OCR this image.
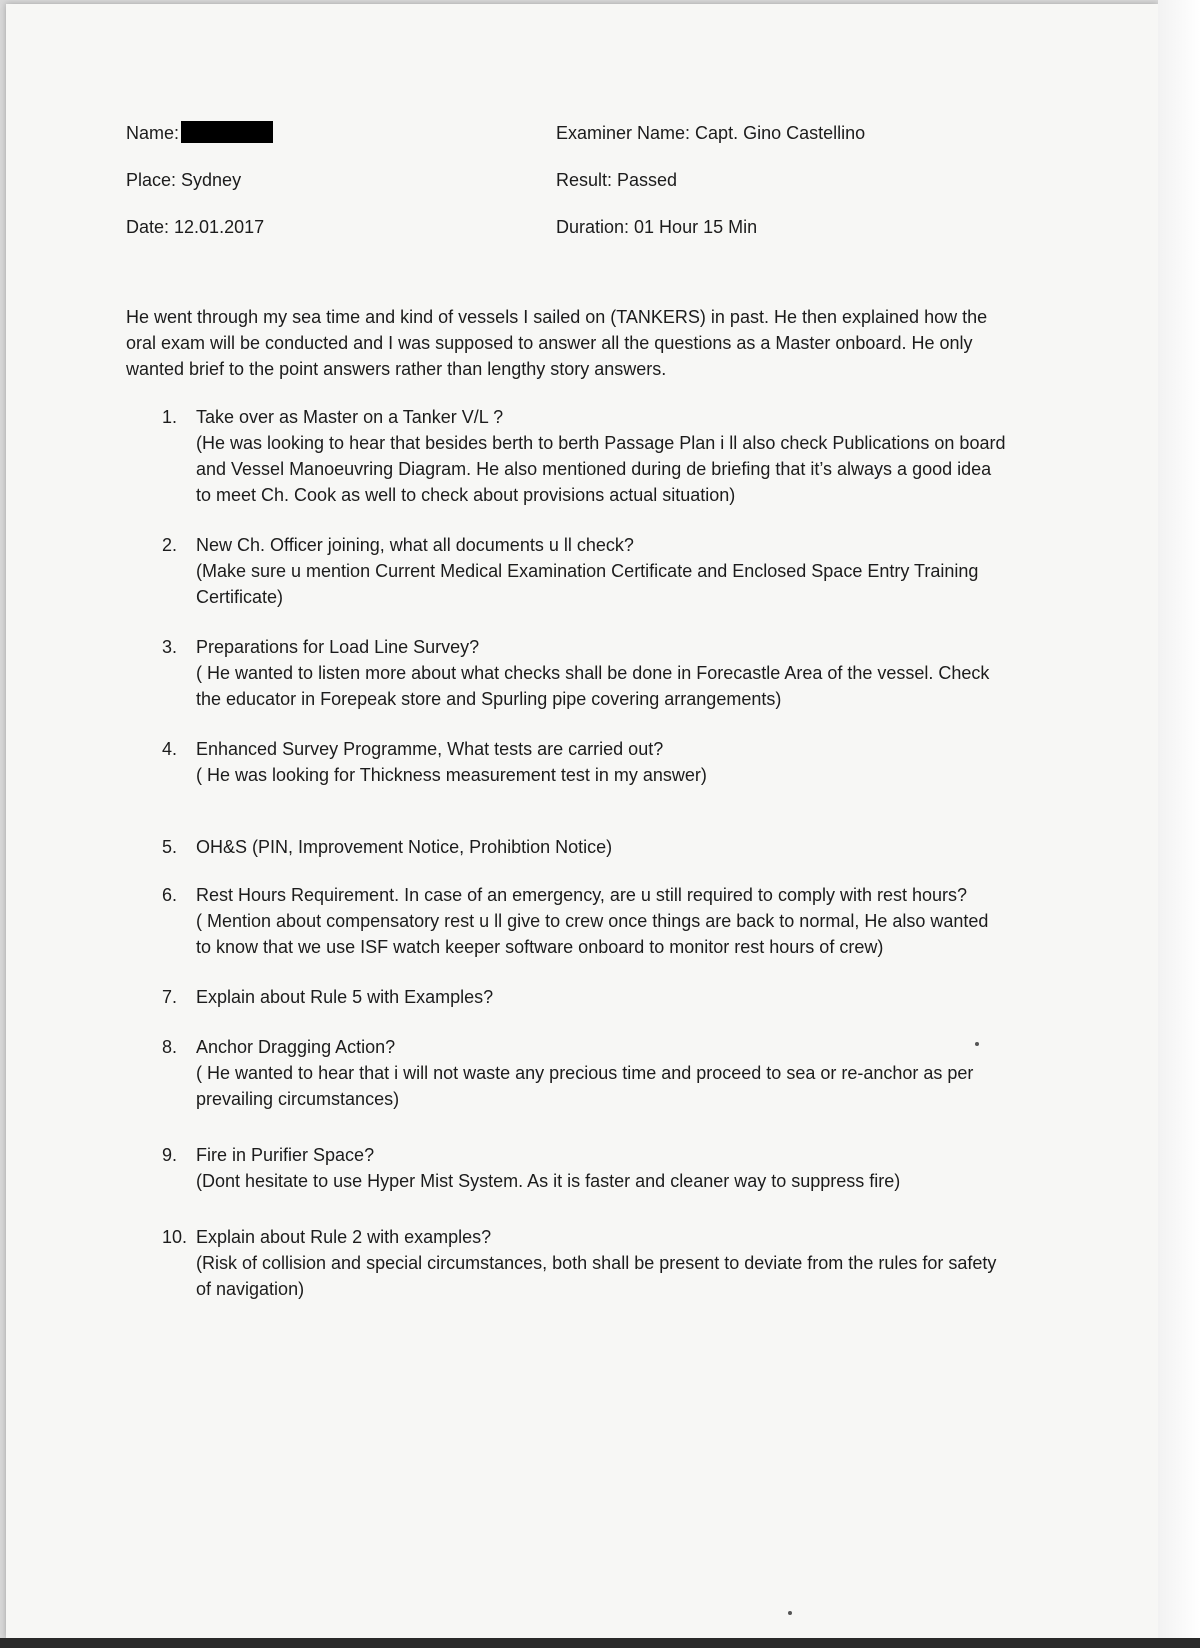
Name:	Examiner Name: Capt. Gino Castellino
Place: Sydney	Result: Passed
Date: 12.01.2017	Duration: 01 Hour 15 Min

He went through my sea time and kind of vessels I sailed on (TANKERS) in past. He then explained how the oral exam will be conducted and I was supposed to answer all the questions as a Master onboard. He only wanted brief to the point answers rather than lengthy story answers.

1. Take over as Master on a Tanker V/L ?
(He was looking to hear that besides berth to berth Passage Plan i ll also check Publications on board and Vessel Manoeuvring Diagram. He also mentioned during de briefing that it’s always a good idea to meet Ch. Cook as well to check about provisions actual situation)
2. New Ch. Officer joining, what all documents u ll check?
(Make sure u mention Current Medical Examination Certificate and Enclosed Space Entry Training Certificate)
3. Preparations for Load Line Survey?
( He wanted to listen more about what checks shall be done in Forecastle Area of the vessel. Check the educator in Forepeak store and Spurling pipe covering arrangements)
4. Enhanced Survey Programme, What tests are carried out?
( He was looking for Thickness measurement test in my answer)
5. OH&S (PIN, Improvement Notice, Prohibtion Notice)
6. Rest Hours Requirement. In case of an emergency, are u still required to comply with rest hours?
( Mention about compensatory rest u ll give to crew once things are back to normal, He also wanted to know that we use ISF watch keeper software onboard to monitor rest hours of crew)
7. Explain about Rule 5 with Examples?
8. Anchor Dragging Action?
( He wanted to hear that i will not waste any precious time and proceed to sea or re-anchor as per prevailing circumstances)
9. Fire in Purifier Space?
(Dont hesitate to use Hyper Mist System. As it is faster and cleaner way to suppress fire)
10. Explain about Rule 2 with examples?
(Risk of collision and special circumstances, both shall be present to deviate from the rules for safety of navigation)
